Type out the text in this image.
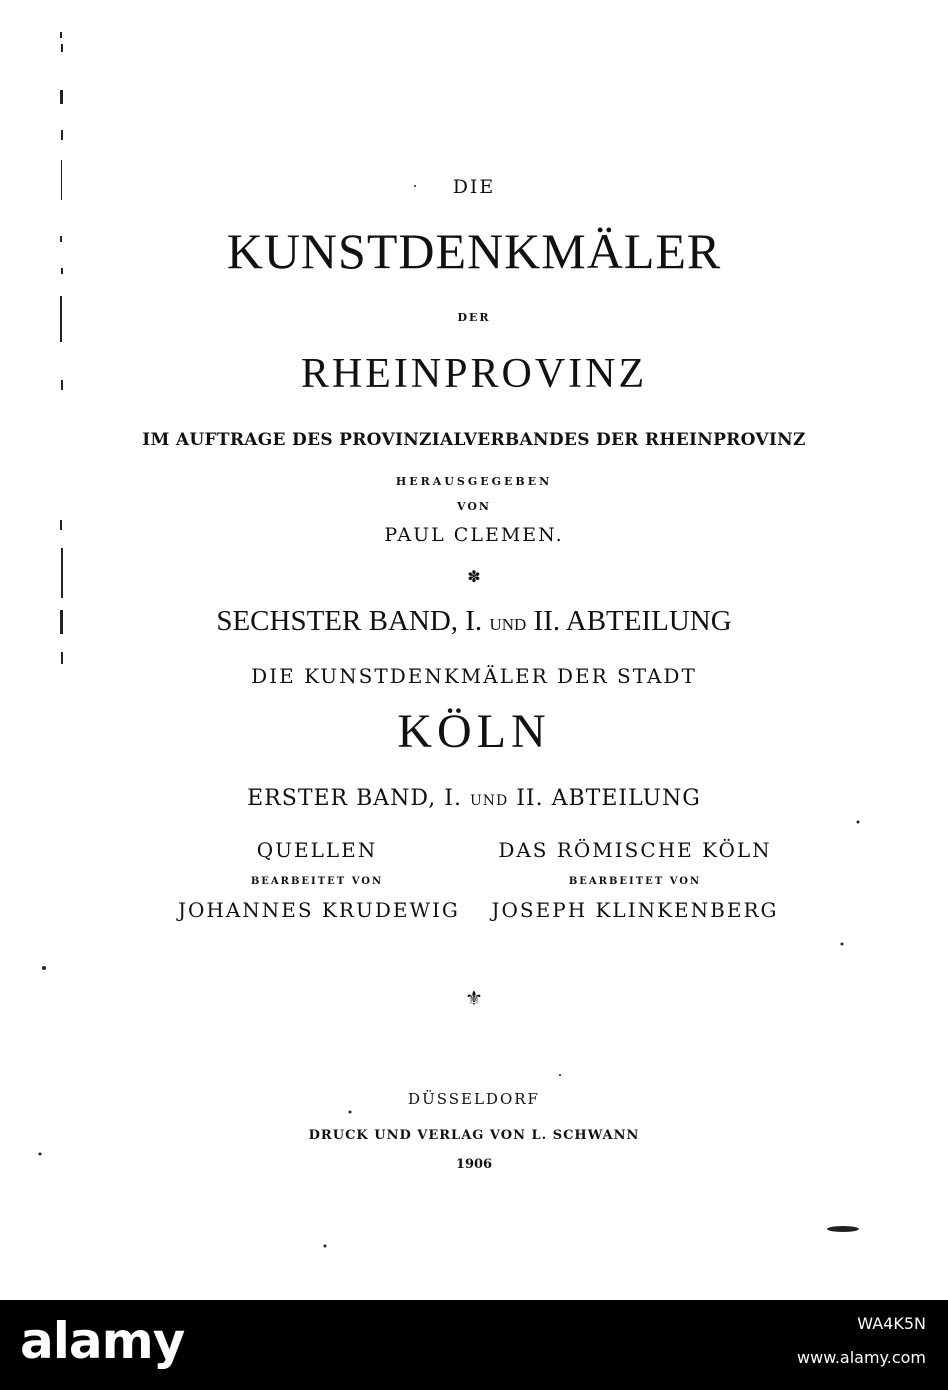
DIE
KUNSTDENKMÄLER
DER
RHEINPROVINZ
IM AUFTRAGE DES PROVINZIALVERBANDES DER RHEINPROVINZ
HERAUSGEGEBEN
VON
PAUL CLEMEN.
✽
SECHSTER BAND, I. UND II. ABTEILUNG
DIE KUNSTDENKMÄLER DER STADT
KÖLN
ERSTER BAND, I. UND II. ABTEILUNG
QUELLEN
BEARBEITET VON
JOHANNES KRUDEWIG
DAS RÖMISCHE KÖLN
BEARBEITET VON
JOSEPH KLINKENBERG
⚜
DÜSSELDORF
DRUCK UND VERLAG VON L. SCHWANN
1906
alamy	WA4K5N
www.alamy.com
